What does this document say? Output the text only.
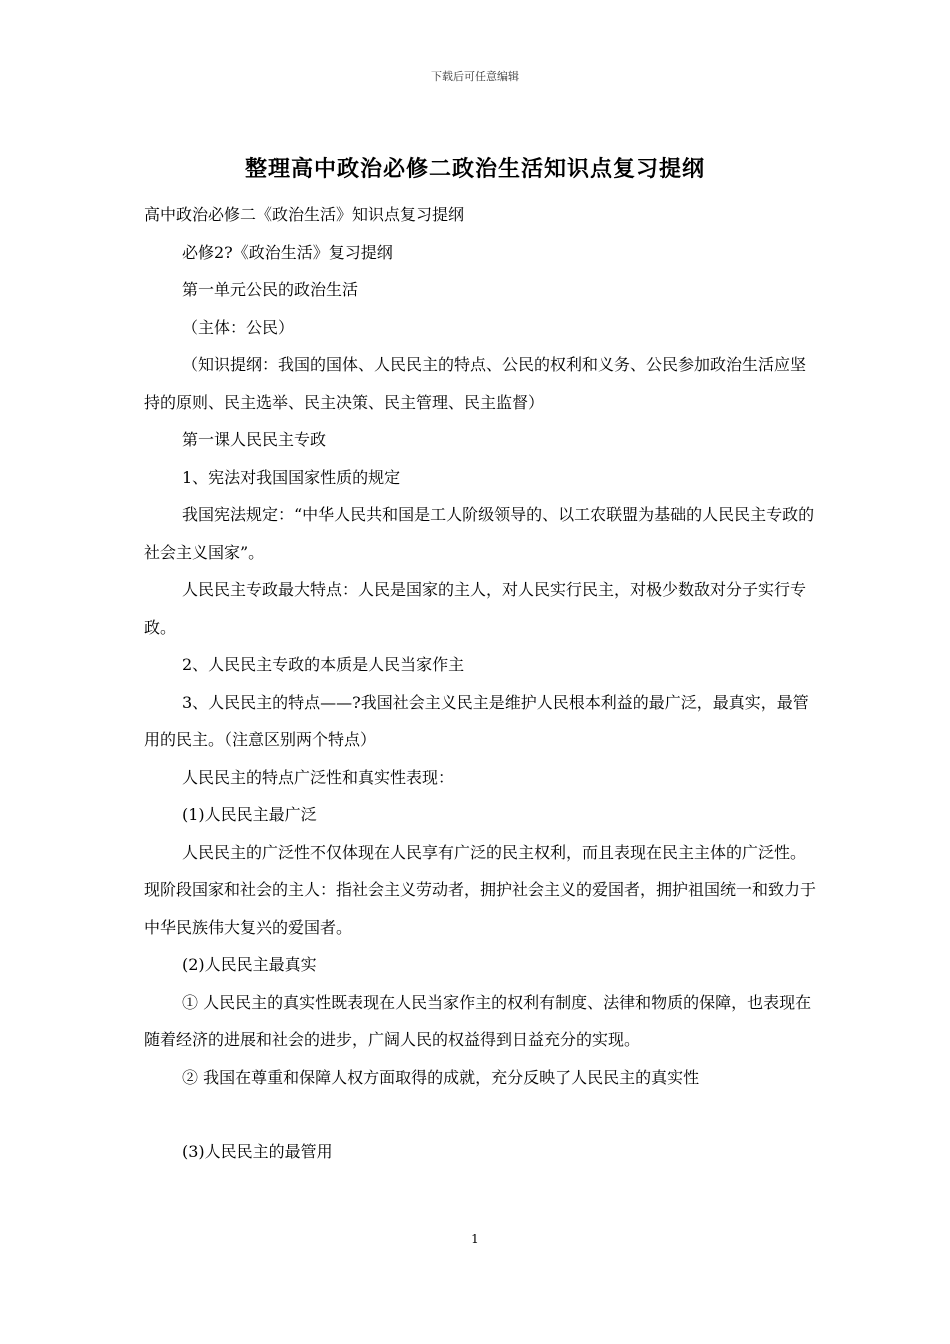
下载后可任意编辑
整理高中政治必修二政治生活知识点复习提纲

高中政治必修二《政治生活》知识点复习提纲

必修2?《政治生活》复习提纲

第一单元公民的政治生活

（主体：公民）

（知识提纲：我国的国体、人民民主的特点、公民的权利和义务、公民参加政治生活应坚持的原则、民主选举、民主决策、民主管理、民主监督）

第一课人民民主专政

1、宪法对我国国家性质的规定

我国宪法规定：“中华人民共和国是工人阶级领导的、以工农联盟为基础的人民民主专政的社会主义国家”。

人民民主专政最大特点：人民是国家的主人，对人民实行民主，对极少数敌对分子实行专政。

2、人民民主专政的本质是人民当家作主

3、人民民主的特点——?我国社会主义民主是维护人民根本利益的最广泛，最真实，最管用的民主。（注意区别两个特点）

人民民主的特点广泛性和真实性表现：

(1)人民民主最广泛

人民民主的广泛性不仅体现在人民享有广泛的民主权利，而且表现在民主主体的广泛性。现阶段国家和社会的主人：指社会主义劳动者，拥护社会主义的爱国者，拥护祖国统一和致力于中华民族伟大复兴的爱国者。

(2)人民民主最真实

① 人民民主的真实性既表现在人民当家作主的权利有制度、法律和物质的保障，也表现在随着经济的进展和社会的进步，广阔人民的权益得到日益充分的实现。

② 我国在尊重和保障人权方面取得的成就，充分反映了人民民主的真实性

(3)人民民主的最管用

1
